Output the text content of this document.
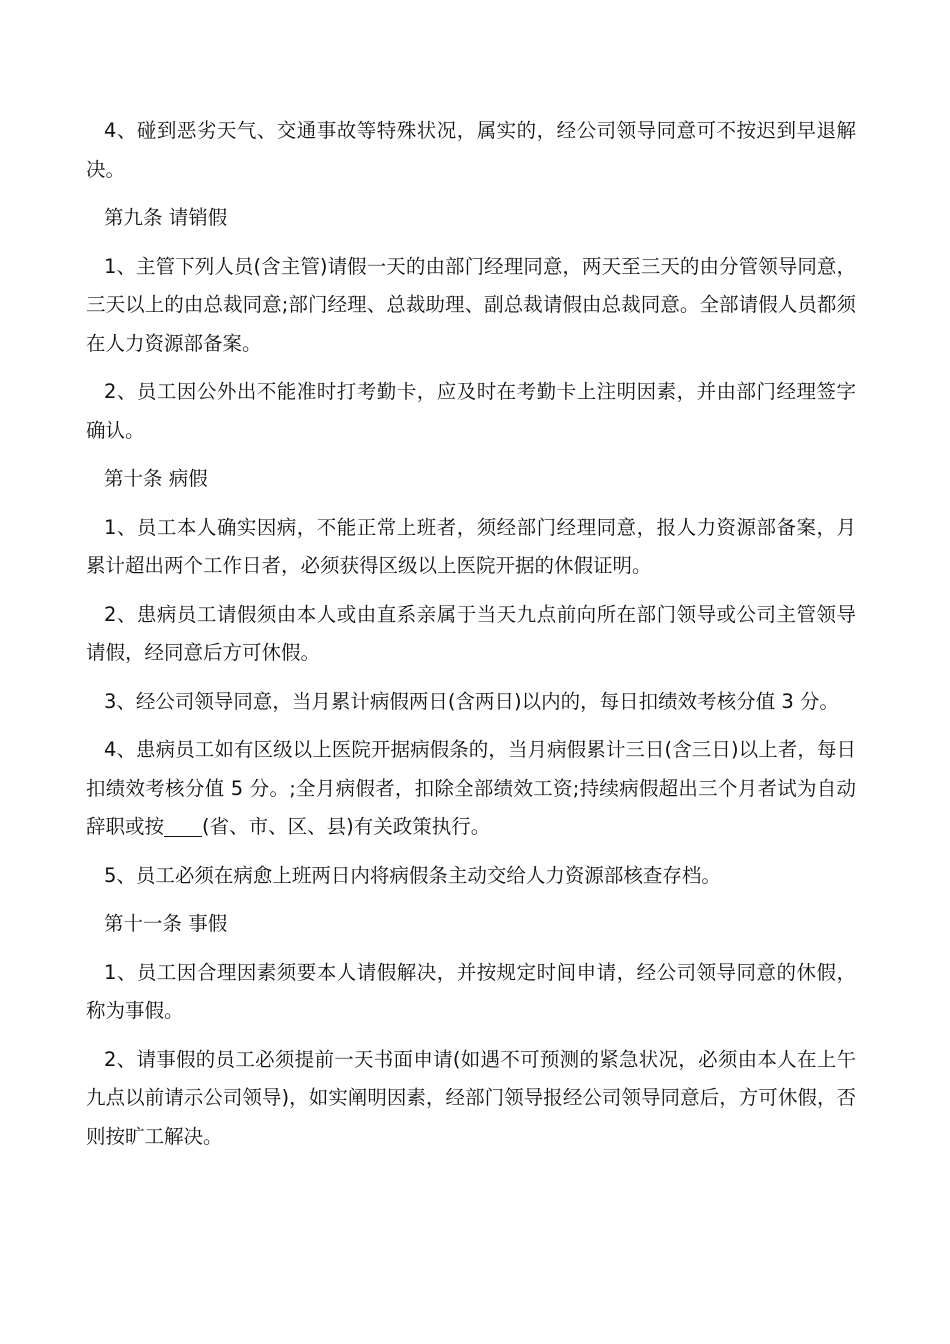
4、碰到恶劣天气、交通事故等特殊状况，属实的，经公司领导同意可不按迟到早退解决。

第九条 请销假

1、主管下列人员(含主管)请假一天的由部门经理同意，两天至三天的由分管领导同意，三天以上的由总裁同意;部门经理、总裁助理、副总裁请假由总裁同意。全部请假人员都须在人力资源部备案。

2、员工因公外出不能准时打考勤卡，应及时在考勤卡上注明因素，并由部门经理签字确认。

第十条 病假

1、员工本人确实因病，不能正常上班者，须经部门经理同意，报人力资源部备案，月累计超出两个工作日者，必须获得区级以上医院开据的休假证明。

2、患病员工请假须由本人或由直系亲属于当天九点前向所在部门领导或公司主管领导请假，经同意后方可休假。

3、经公司领导同意，当月累计病假两日(含两日)以内的，每日扣绩效考核分值 3 分。

4、患病员工如有区级以上医院开据病假条的，当月病假累计三日(含三日)以上者，每日扣绩效考核分值 5 分。;全月病假者，扣除全部绩效工资;持续病假超出三个月者试为自动辞职或按 (省、市、区、县)有关政策执行。

5、员工必须在病愈上班两日内将病假条主动交给人力资源部核查存档。

第十一条 事假

1、员工因合理因素须要本人请假解决，并按规定时间申请，经公司领导同意的休假，称为事假。

2、请事假的员工必须提前一天书面申请(如遇不可预测的紧急状况，必须由本人在上午九点以前请示公司领导)，如实阐明因素，经部门领导报经公司领导同意后，方可休假，否则按旷工解决。
